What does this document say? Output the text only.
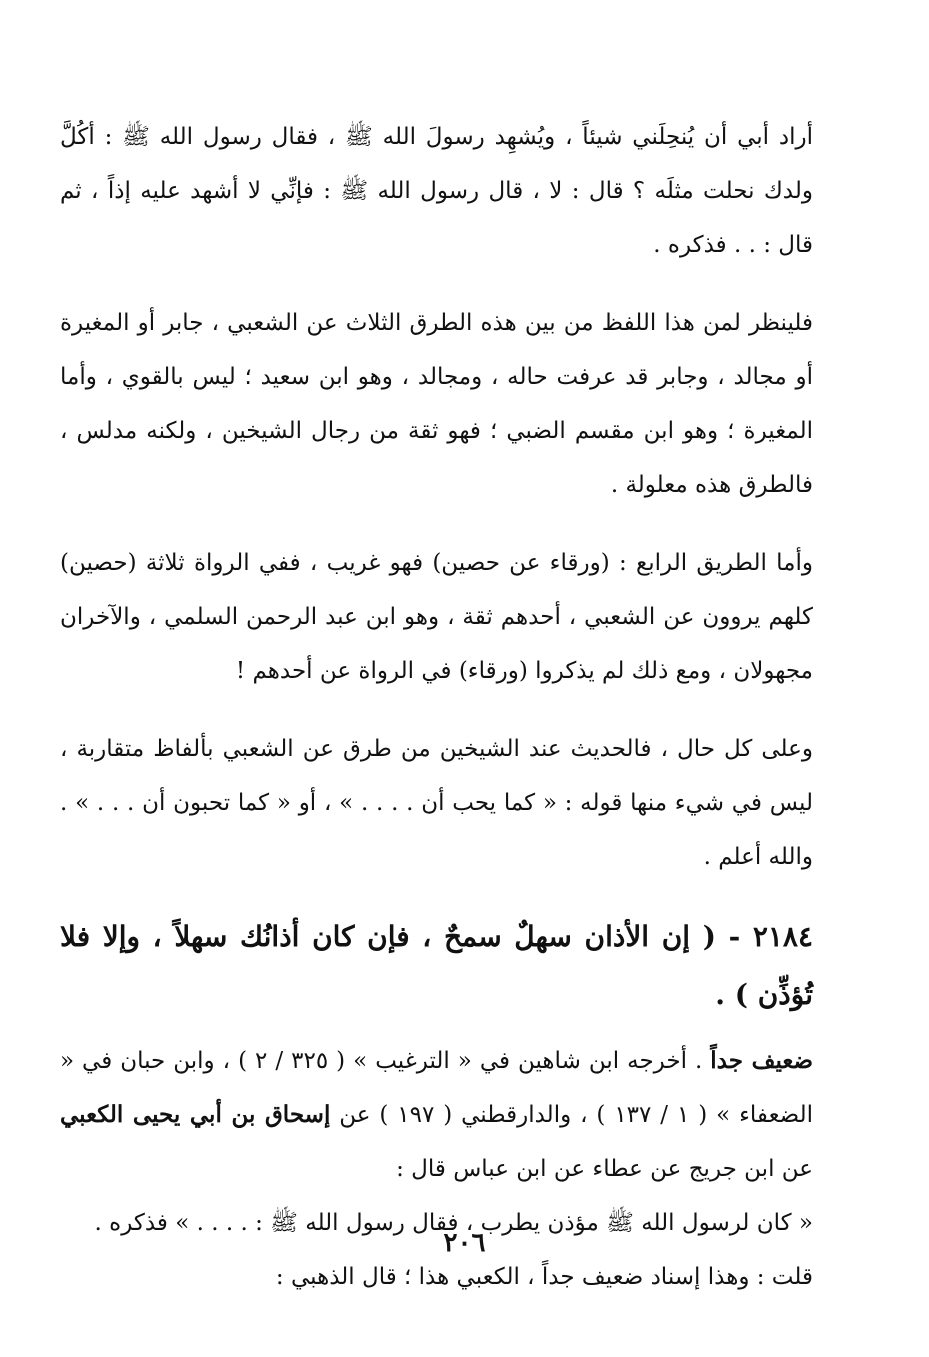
أراد أبي أن يُنحِلَني شيئاً ، ويُشهِد رسولَ الله ﷺ ، فقال رسول الله ﷺ : أكُلَّ ولدك نحلت مثلَه ؟ قال : لا ، قال رسول الله ﷺ : فإنِّي لا أشهد عليه إذاً ، ثم قال : . . فذكره .

فلينظر لمن هذا اللفظ من بين هذه الطرق الثلاث عن الشعبي ، جابر أو المغيرة أو مجالد ، وجابر قد عرفت حاله ، ومجالد ، وهو ابن سعيد ؛ ليس بالقوي ، وأما المغيرة ؛ وهو ابن مقسم الضبي ؛ فهو ثقة من رجال الشيخين ، ولكنه مدلس ، فالطرق هذه معلولة .

وأما الطريق الرابع : (ورقاء عن حصين) فهو غريب ، ففي الرواة ثلاثة (حصين) كلهم يروون عن الشعبي ، أحدهم ثقة ، وهو ابن عبد الرحمن السلمي ، والآخران مجهولان ، ومع ذلك لم يذكروا (ورقاء) في الرواة عن أحدهم !

وعلى كل حال ، فالحديث عند الشيخين من طرق عن الشعبي بألفاظ متقاربة ، ليس في شيء منها قوله : « كما يحب أن . . . . » ، أو « كما تحبون أن . . . » . والله أعلم .

٢١٨٤ - ( إن الأذان سهلٌ سمحٌ ، فإن كان أذانُك سهلاً ، وإلا فلا تُؤذِّن ) .

ضعيف جداً . أخرجه ابن شاهين في « الترغيب » ( ٣٢٥ / ٢ ) ، وابن حبان في « الضعفاء » ( ١ / ١٣٧ ) ، والدارقطني ( ١٩٧ ) عن إسحاق بن أبي يحيى الكعبي عن ابن جريج عن عطاء عن ابن عباس قال :

« كان لرسول الله ﷺ مؤذن يطرب ، فقال رسول الله ﷺ : . . . . » فذكره .

قلت : وهذا إسناد ضعيف جداً ، الكعبي هذا ؛ قال الذهبي :

٢٠٦
